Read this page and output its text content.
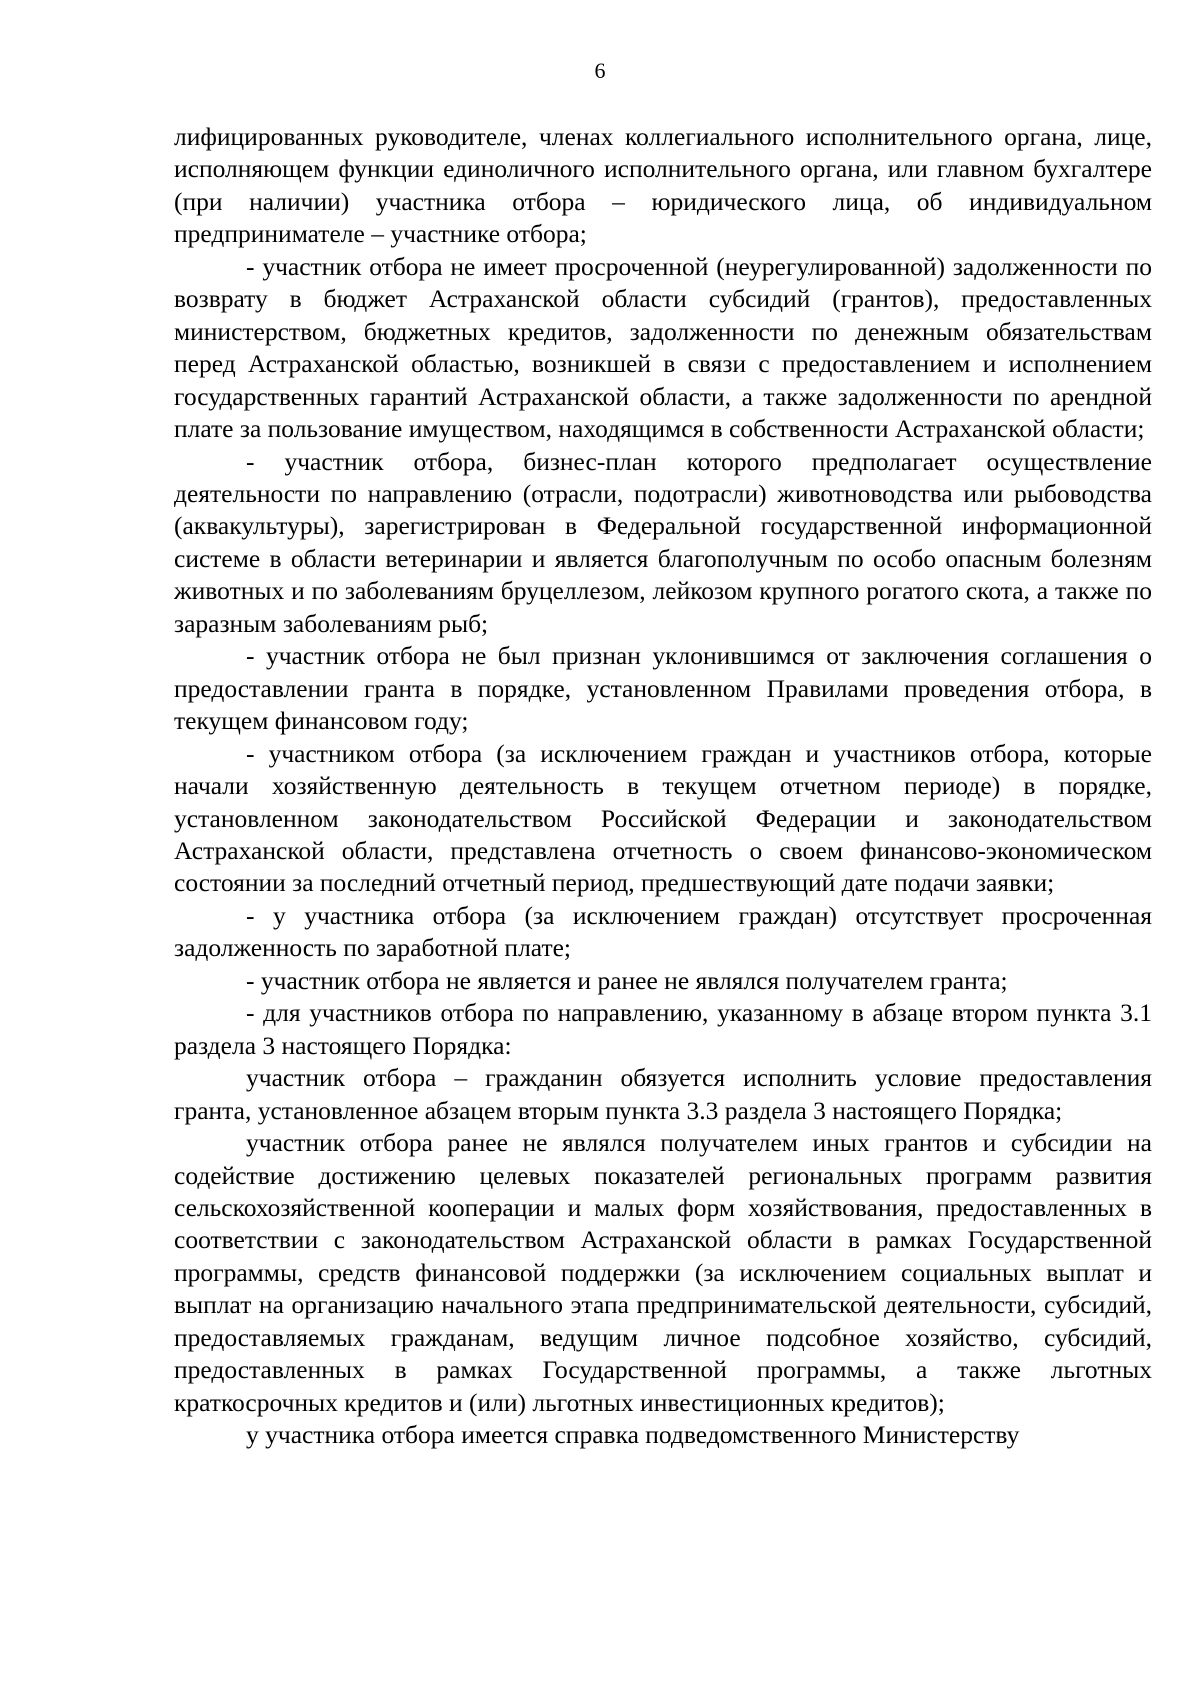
6

лифицированных руководителе, членах коллегиального исполнительного органа, лице, исполняющем функции единоличного исполнительного органа, или главном бухгалтере (при наличии) участника отбора – юридического лица, об индивидуальном предпринимателе – участнике отбора;

- участник отбора не имеет просроченной (неурегулированной) задолженности по возврату в бюджет Астраханской области субсидий (грантов), предоставленных министерством, бюджетных кредитов, задолженности по денежным обязательствам перед Астраханской областью, возникшей в связи с предоставлением и исполнением государственных гарантий Астраханской области, а также задолженности по арендной плате за пользование имуществом, находящимся в собственности Астраханской области;

- участник отбора, бизнес-план которого предполагает осуществление деятельности по направлению (отрасли, подотрасли) животноводства или рыбоводства (аквакультуры), зарегистрирован в Федеральной государственной информационной системе в области ветеринарии и является благополучным по особо опасным болезням животных и по заболеваниям бруцеллезом, лейкозом крупного рогатого скота, а также по заразным заболеваниям рыб;

- участник отбора не был признан уклонившимся от заключения соглашения о предоставлении гранта в порядке, установленном Правилами проведения отбора, в текущем финансовом году;

- участником отбора (за исключением граждан и участников отбора, которые начали хозяйственную деятельность в текущем отчетном периоде) в порядке, установленном законодательством Российской Федерации и законодательством Астраханской области, представлена отчетность о своем финансово-экономическом состоянии за последний отчетный период, предшествующий дате подачи заявки;

- у участника отбора (за исключением граждан) отсутствует просроченная задолженность по заработной плате;

- участник отбора не является и ранее не являлся получателем гранта;

- для участников отбора по направлению, указанному в абзаце втором пункта 3.1 раздела 3 настоящего Порядка:

участник отбора – гражданин обязуется исполнить условие предоставления гранта, установленное абзацем вторым пункта 3.3 раздела 3 настоящего Порядка;

участник отбора ранее не являлся получателем иных грантов и субсидии на содействие достижению целевых показателей региональных программ развития сельскохозяйственной кооперации и малых форм хозяйствования, предоставленных в соответствии с законодательством Астраханской области в рамках Государственной программы, средств финансовой поддержки (за исключением социальных выплат и выплат на организацию начального этапа предпринимательской деятельности, субсидий, предоставляемых гражданам, ведущим личное подсобное хозяйство, субсидий, предоставленных в рамках Государственной программы, а также льготных краткосрочных кредитов и (или) льготных инвестиционных кредитов);

у участника отбора имеется справка подведомственного Министерству
